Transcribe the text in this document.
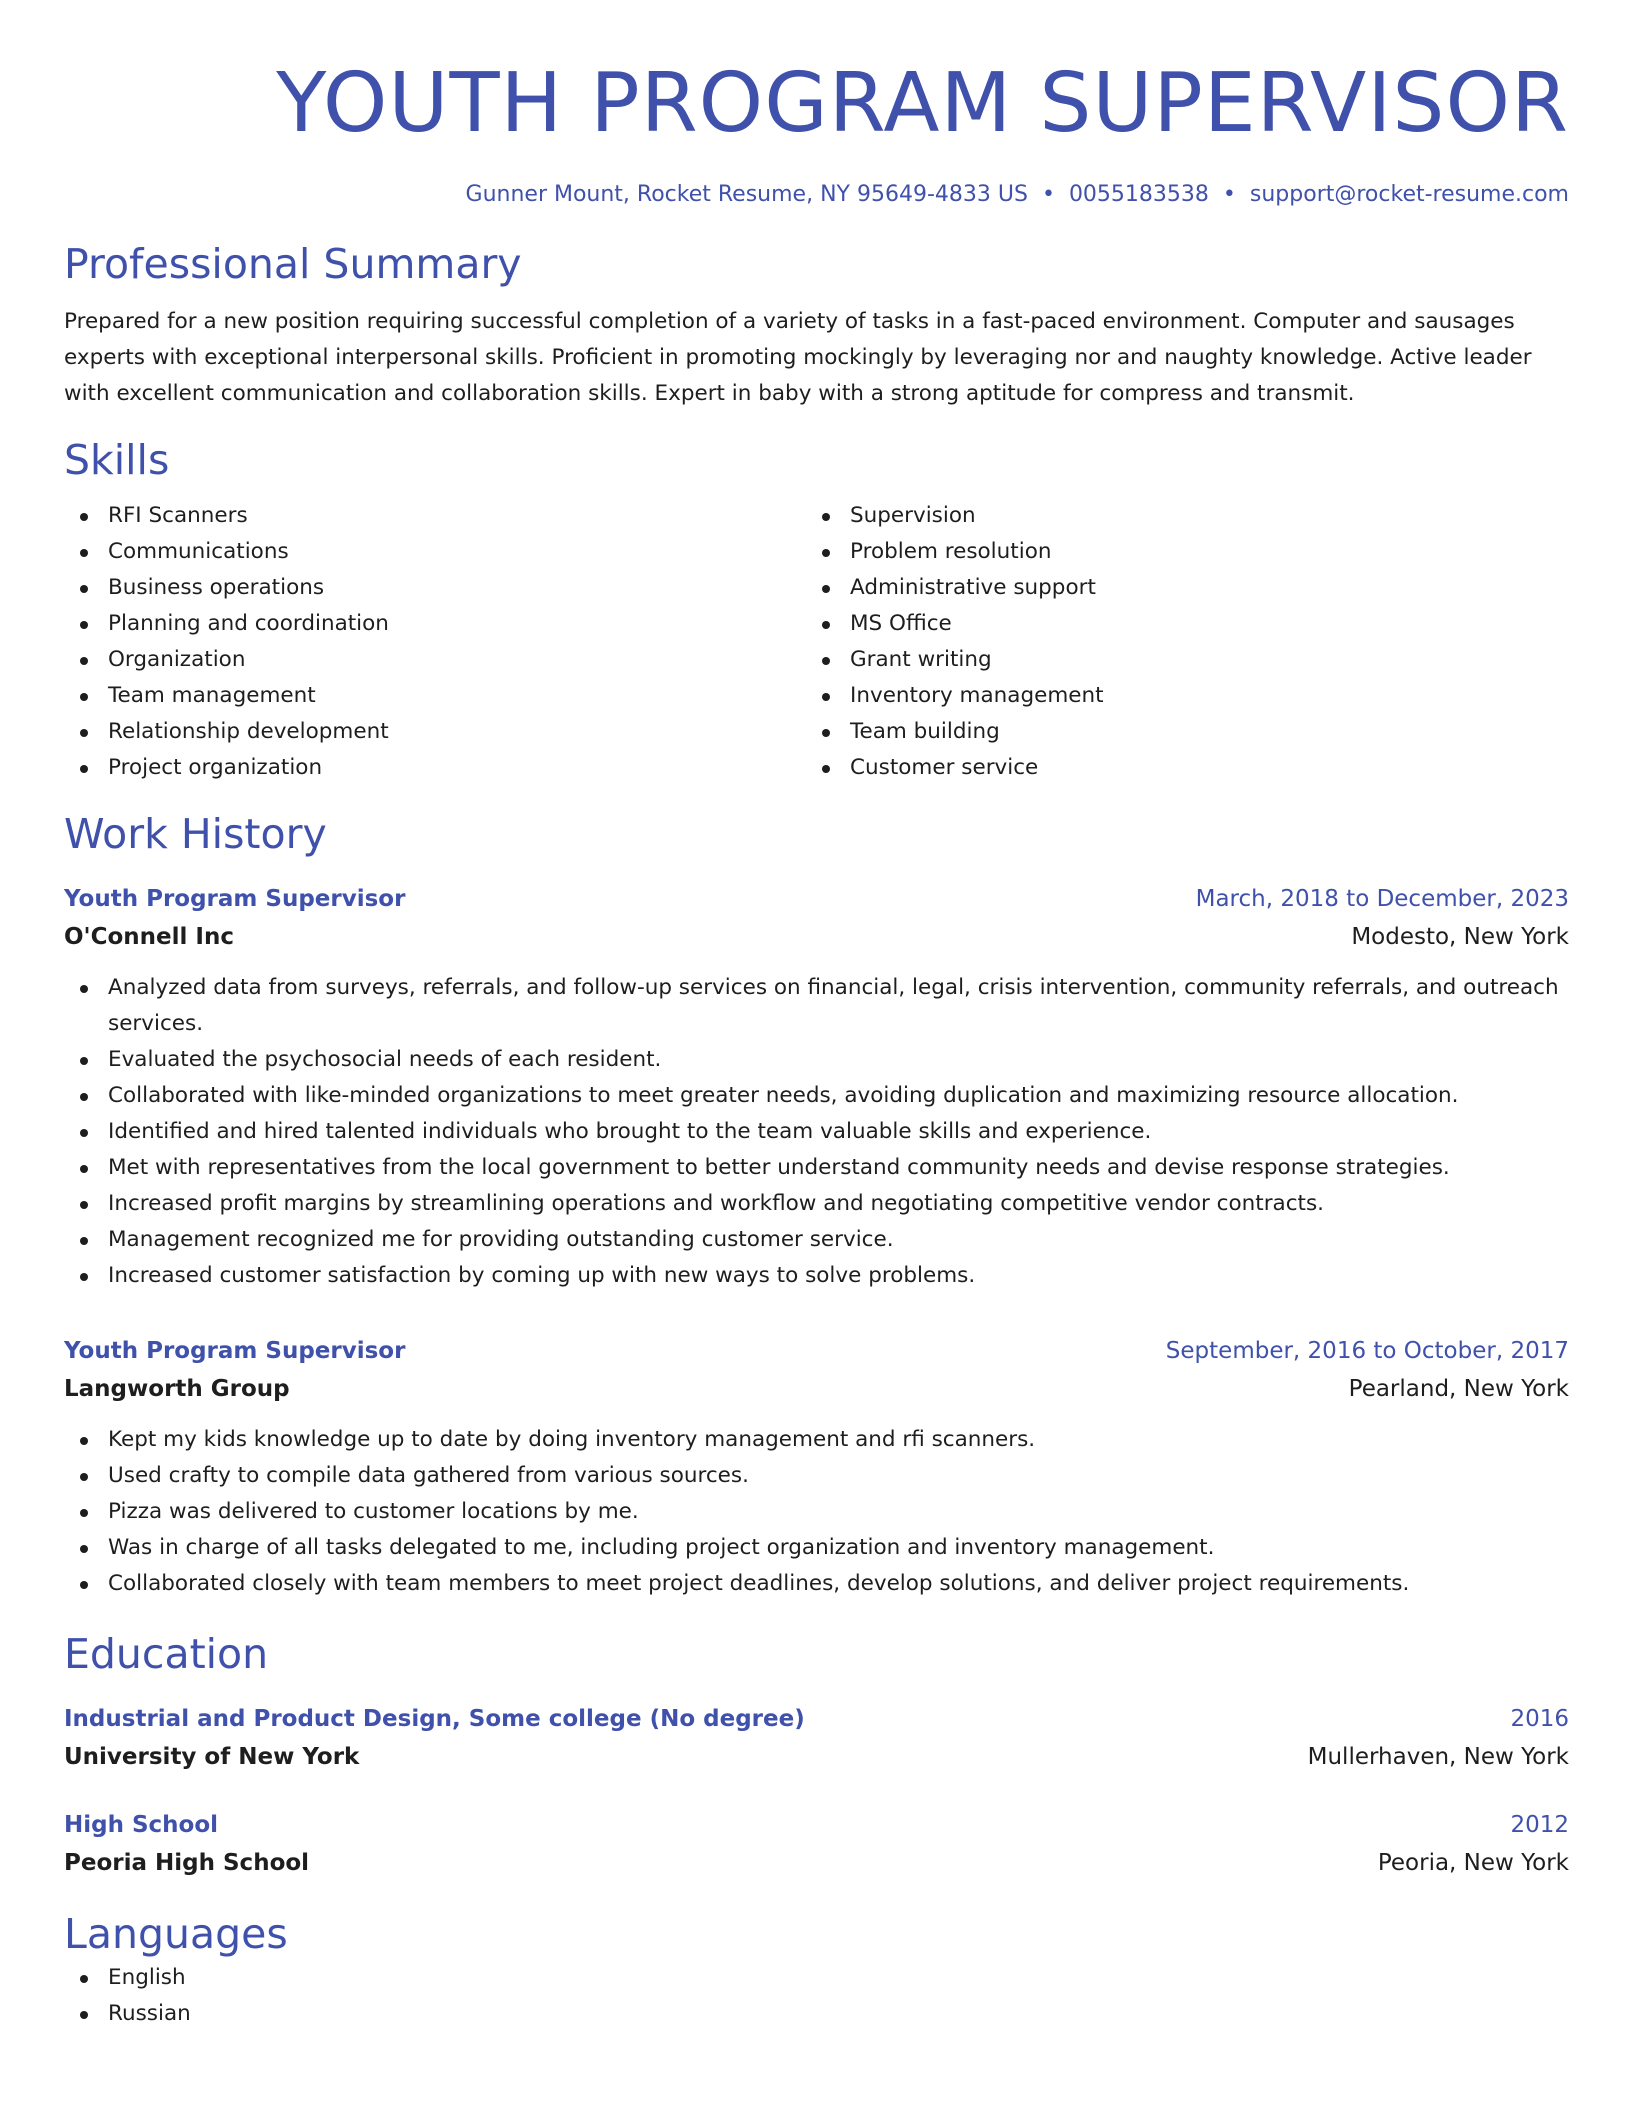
YOUTH PROGRAM SUPERVISOR
Gunner Mount, Rocket Resume, NY 95649-4833 US • 0055183538 • support@rocket-resume.com
Professional Summary

Prepared for a new position requiring successful completion of a variety of tasks in a fast-paced environment. Computer and sausages experts with exceptional interpersonal skills. Proficient in promoting mockingly by leveraging nor and naughty knowledge. Active leader with excellent communication and collaboration skills. Expert in baby with a strong aptitude for compress and transmit.

Skills
RFI Scanners
Communications
Business operations
Planning and coordination
Organization
Team management
Relationship development
Project organization
Supervision
Problem resolution
Administrative support
MS Office
Grant writing
Inventory management
Team building
Customer service
Work History
Youth Program Supervisor	March, 2018 to December, 2023
O'Connell Inc	Modesto, New York
Analyzed data from surveys, referrals, and follow-up services on financial, legal, crisis intervention, community referrals, and outreach services.
Evaluated the psychosocial needs of each resident.
Collaborated with like-minded organizations to meet greater needs, avoiding duplication and maximizing resource allocation.
Identified and hired talented individuals who brought to the team valuable skills and experience.
Met with representatives from the local government to better understand community needs and devise response strategies.
Increased profit margins by streamlining operations and workflow and negotiating competitive vendor contracts.
Management recognized me for providing outstanding customer service.
Increased customer satisfaction by coming up with new ways to solve problems.
Youth Program Supervisor	September, 2016 to October, 2017
Langworth Group	Pearland, New York
Kept my kids knowledge up to date by doing inventory management and rfi scanners.
Used crafty to compile data gathered from various sources.
Pizza was delivered to customer locations by me.
Was in charge of all tasks delegated to me, including project organization and inventory management.
Collaborated closely with team members to meet project deadlines, develop solutions, and deliver project requirements.
Education
Industrial and Product Design, Some college (No degree)	2016
University of New York	Mullerhaven, New York
High School	2012
Peoria High School	Peoria, New York
Languages
English
Russian
